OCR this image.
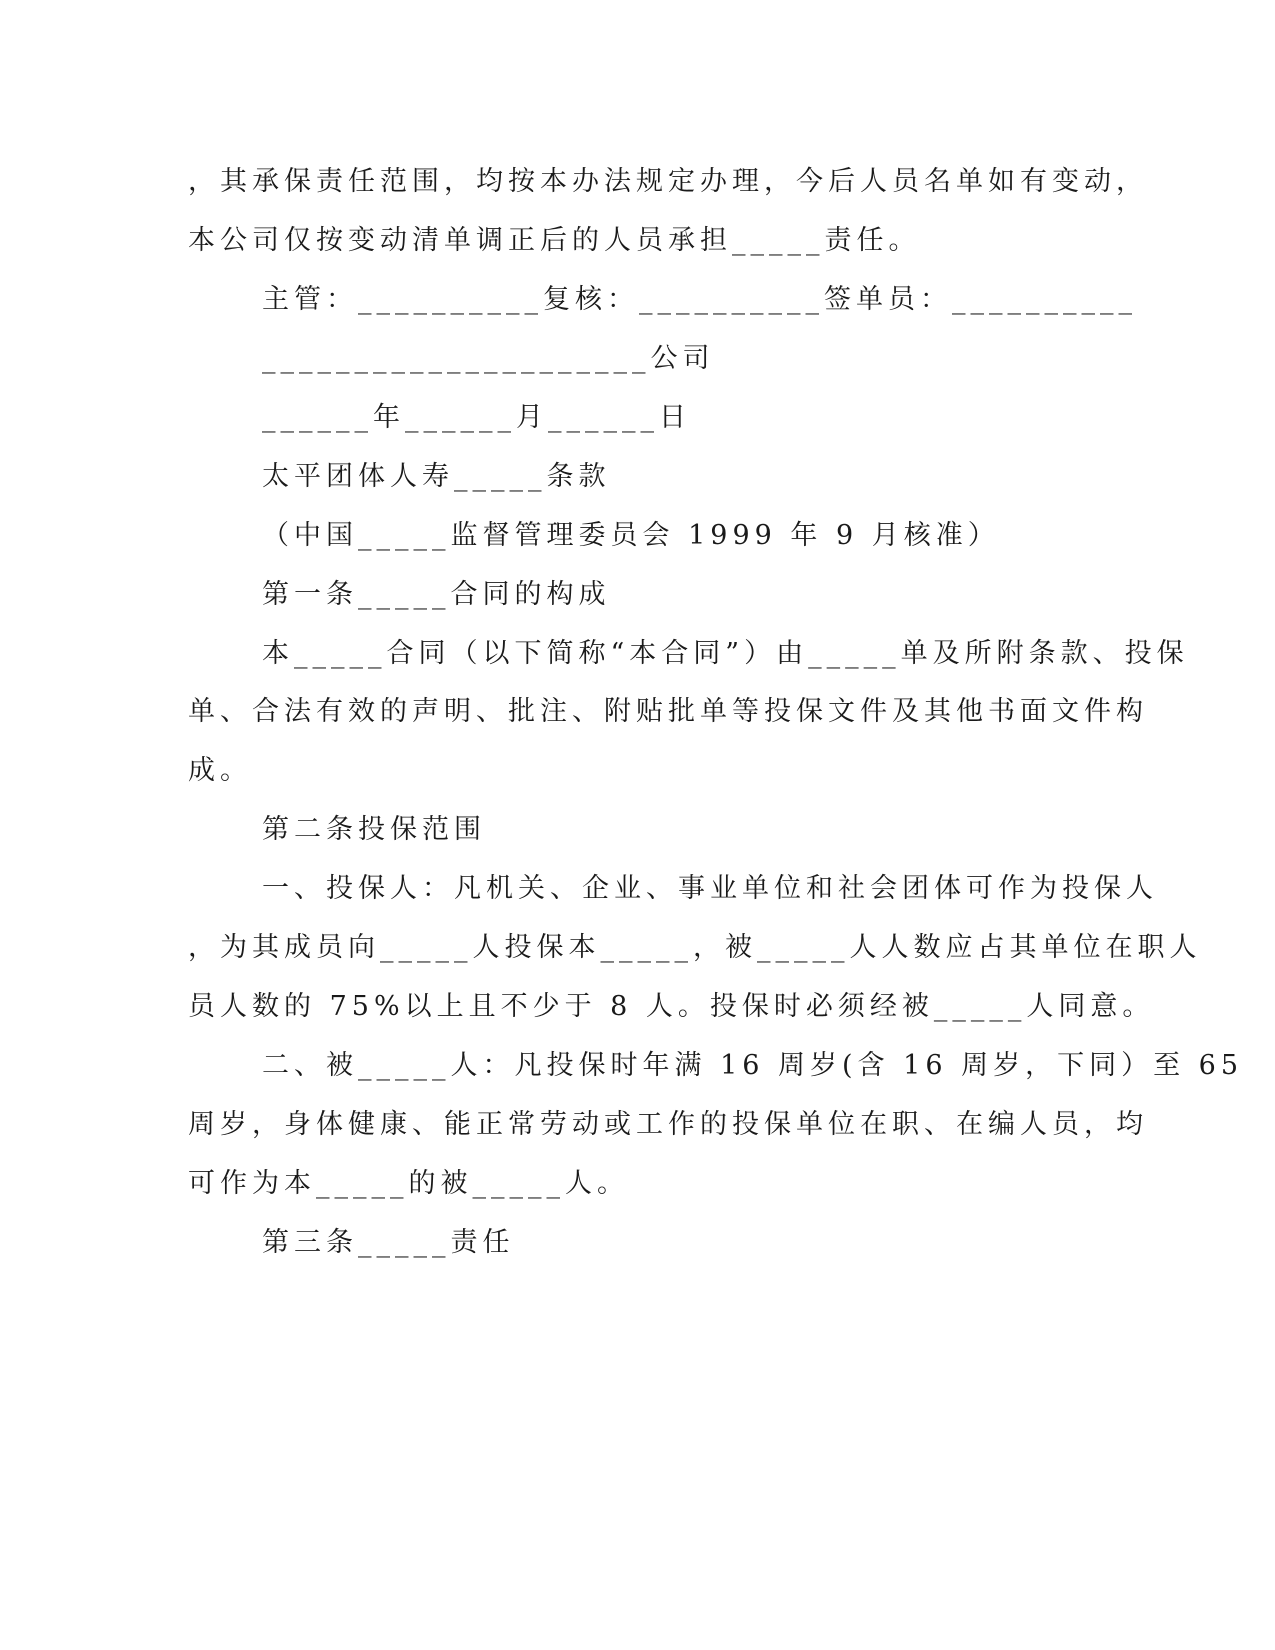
，其承保责任范围，均按本办法规定办理，今后人员名单如有变动，

本公司仅按变动清单调正后的人员承担_____责任。

主管：__________复核：__________签单员：__________

_____________________公司

______年______月______日

太平团体人寿_____条款

（中国_____监督管理委员会 1999 年 9 月核准）

第一条_____合同的构成

本_____合同（以下简称“本合同”）由_____单及所附条款、投保

单、合法有效的声明、批注、附贴批单等投保文件及其他书面文件构

成。

第二条投保范围

一、投保人：凡机关、企业、事业单位和社会团体可作为投保人

，为其成员向_____人投保本_____，被_____人人数应占其单位在职人

员人数的 75%以上且不少于 8 人。投保时必须经被_____人同意。

二、被_____人：凡投保时年满 16 周岁(含 16 周岁，下同）至 65

周岁，身体健康、能正常劳动或工作的投保单位在职、在编人员，均

可作为本_____的被_____人。

第三条_____责任
